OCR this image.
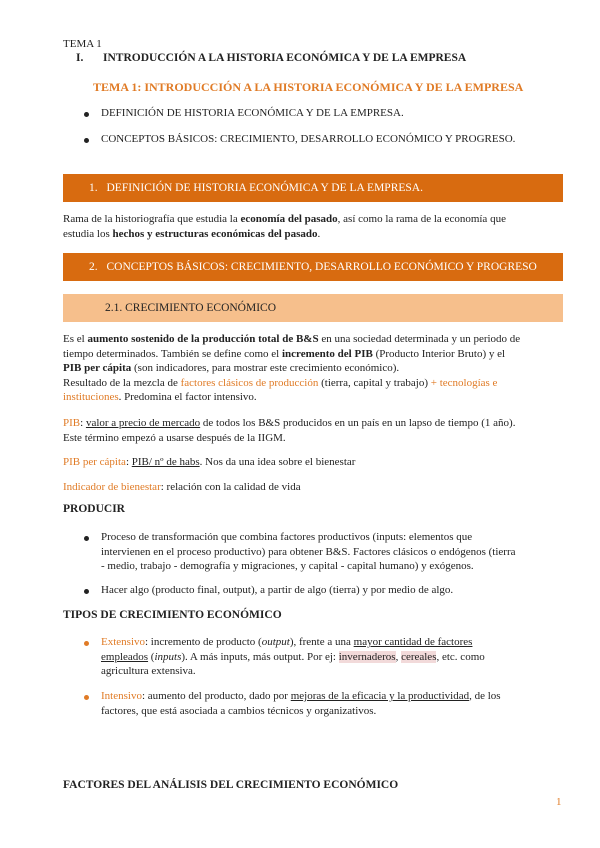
TEMA 1
I. INTRODUCCIÓN A LA HISTORIA ECONÓMICA Y DE LA EMPRESA
TEMA 1: INTRODUCCIÓN A LA HISTORIA ECONÓMICA Y DE LA EMPRESA
DEFINICIÓN DE HISTORIA ECONÓMICA Y DE LA EMPRESA.
CONCEPTOS BÁSICOS: CRECIMIENTO, DESARROLLO ECONÓMICO Y PROGRESO.
1. DEFINICIÓN DE HISTORIA ECONÓMICA Y DE LA EMPRESA.
Rama de la historiografía que estudia la economía del pasado, así como la rama de la economía que
estudia los hechos y estructuras económicas del pasado.
2. CONCEPTOS BÁSICOS: CRECIMIENTO, DESARROLLO ECONÓMICO Y PROGRESO
2.1. CRECIMIENTO ECONÓMICO
Es el aumento sostenido de la producción total de B&S en una sociedad determinada y un periodo de
tiempo determinados. También se define como el incremento del PIB (Producto Interior Bruto) y el
PIB per cápita (son indicadores, para mostrar este crecimiento económico).
Resultado de la mezcla de factores clásicos de producción (tierra, capital y trabajo) + tecnologías e
instituciones. Predomina el factor intensivo.
PIB: valor a precio de mercado de todos los B&S producidos en un país en un lapso de tiempo (1 año).
Este término empezó a usarse después de la IIGM.
PIB per cápita: PIB/ nº de habs. Nos da una idea sobre el bienestar
Indicador de bienestar: relación con la calidad de vida
PRODUCIR
Proceso de transformación que combina factores productivos (inputs: elementos que
intervienen en el proceso productivo) para obtener B&S. Factores clásicos o endógenos (tierra
- medio, trabajo - demografía y migraciones, y capital - capital humano) y exógenos.
Hacer algo (producto final, output), a partir de algo (tierra) y por medio de algo.
TIPOS DE CRECIMIENTO ECONÓMICO
Extensivo: incremento de producto (output), frente a una mayor cantidad de factores
empleados (inputs). A más inputs, más output. Por ej: invernaderos, cereales, etc. como
agricultura extensiva.
Intensivo: aumento del producto, dado por mejoras de la eficacia y la productividad, de los
factores, que está asociada a cambios técnicos y organizativos.
FACTORES DEL ANÁLISIS DEL CRECIMIENTO ECONÓMICO
1
